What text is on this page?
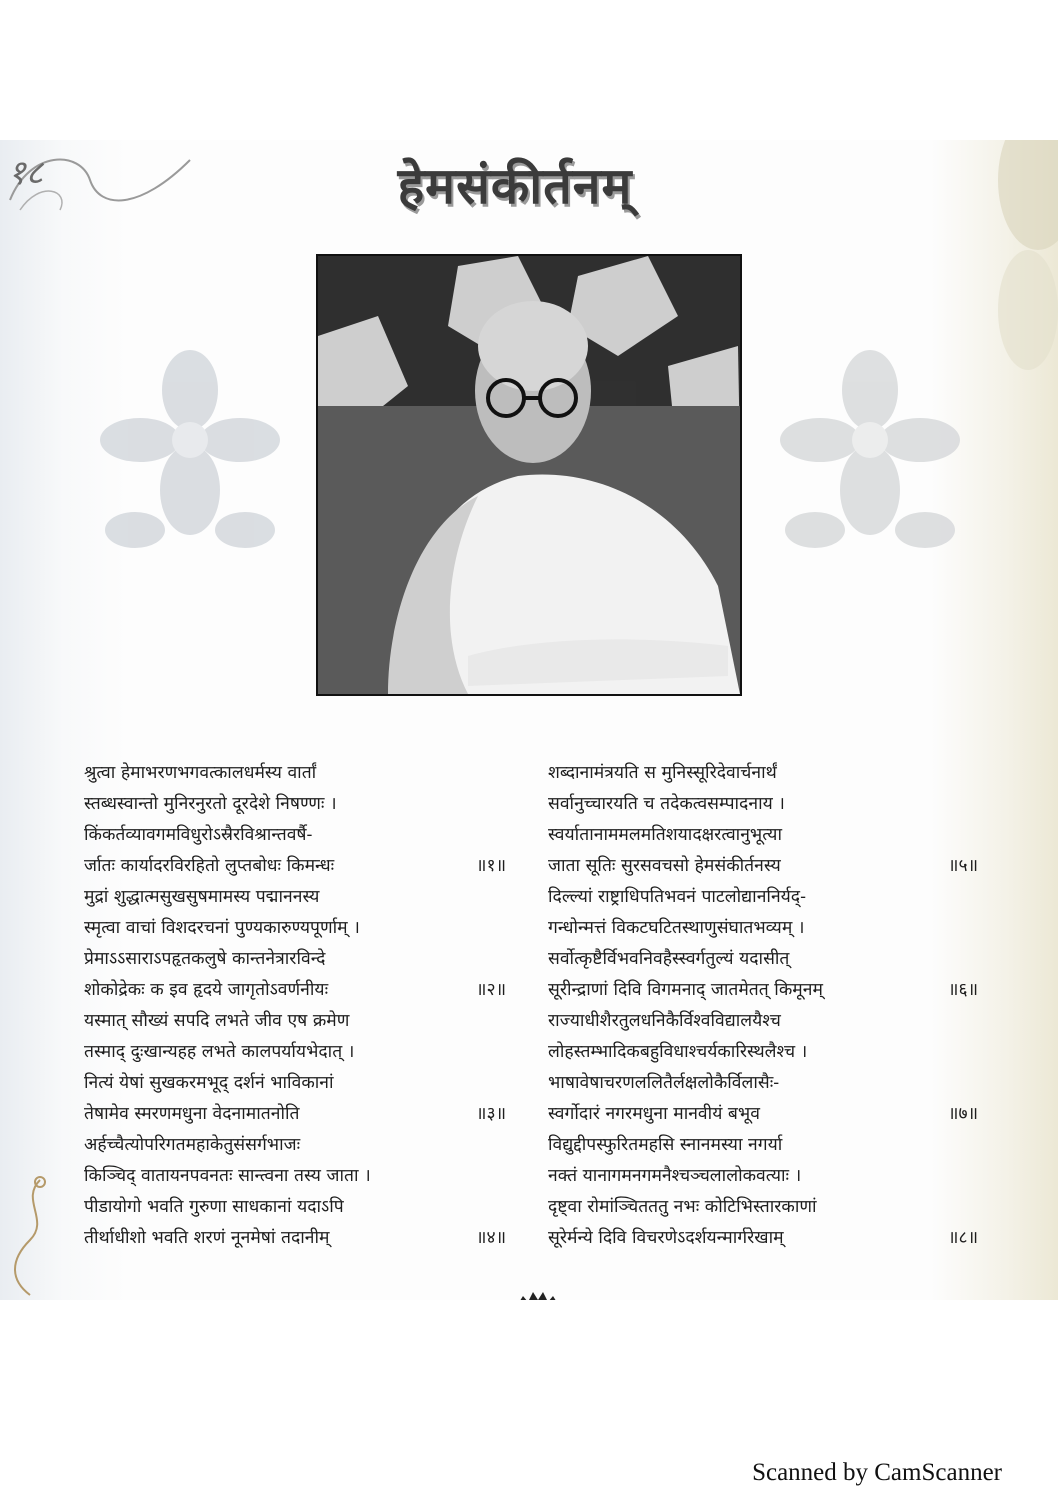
१८	हेमसंकीर्तनम्
श्रुत्वा हेमाभरणभगवत्कालधर्मस्य वार्तां
स्तब्धस्वान्तो मुनिरनुरतो दूरदेशे निषण्णः ।
किंकर्तव्यावगमविधुरोऽस्रैरविश्रान्तवर्षै-
र्जातः कार्यादरविरहितो लुप्तबोधः किमन्धः	॥१॥
मुद्रां शुद्धात्मसुखसुषमामस्य पद्माननस्य
स्मृत्वा वाचां विशदरचनां पुण्यकारुण्यपूर्णाम् ।
प्रेमाऽऽसाराऽपहृतकलुषे कान्तनेत्रारविन्दे
शोकोद्रेकः क इव हृदये जागृतोऽवर्णनीयः	॥२॥
यस्मात् सौख्यं सपदि लभते जीव एष क्रमेण
तस्माद् दुःखान्यहह लभते कालपर्यायभेदात् ।
नित्यं येषां सुखकरमभूद् दर्शनं भाविकानां
तेषामेव स्मरणमधुना वेदनामातनोति	॥३॥
अर्हच्चैत्योपरिगतमहाकेतुसंसर्गभाजः
किञ्चिद् वातायनपवनतः सान्त्वना तस्य जाता ।
पीडायोगो भवति गुरुणा साधकानां यदाऽपि
तीर्थाधीशो भवति शरणं नूनमेषां तदानीम्	॥४॥
शब्दानामंत्रयति स मुनिस्सूरिदेवार्चनार्थं
सर्वानुच्चारयति च तदेकत्वसम्पादनाय ।
स्वर्यातानाममलमतिशयादक्षरत्वानुभूत्या
जाता सूतिः सुरसवचसो हेमसंकीर्तनस्य	॥५॥
दिल्ल्यां राष्ट्राधिपतिभवनं पाटलोद्याननिर्यद्-
गन्धोन्मत्तं विकटघटितस्थाणुसंघातभव्यम् ।
सर्वोत्कृष्टैर्विभवनिवहैस्स्वर्गतुल्यं यदासीत्
सूरीन्द्राणां दिवि विगमनाद् जातमेतत् किमूनम्	॥६॥
राज्याधीशैरतुलधनिकैर्विश्वविद्यालयैश्च
लोहस्तम्भादिकबहुविधाश्चर्यकारिस्थलैश्च ।
भाषावेषाचरणललितैर्लक्षलोकैर्विलासैः-
स्वर्गोदारं नगरमधुना मानवीयं बभूव	॥७॥
विद्युद्दीपस्फुरितमहसि स्नानमस्या नगर्या
नक्तं यानागमनगमनैश्चञ्चलालोकवत्याः ।
दृष्ट्वा रोमांञ्चितततु नभः कोटिभिस्तारकाणां
सूरेर्मन्ये दिवि विचरणेऽदर्शयन्मार्गरेखाम्	॥८॥
Scanned by CamScanner
